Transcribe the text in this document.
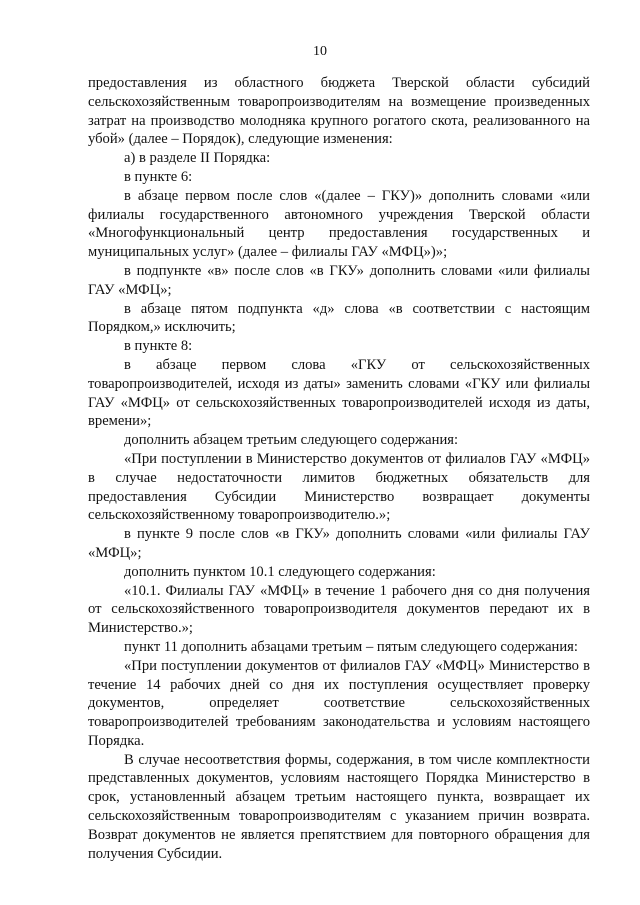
10

предоставления из областного бюджета Тверской области субсидий сельскохозяйственным товаропроизводителям на возмещение произведенных затрат на производство молодняка крупного рогатого скота, реализованного на убой» (далее – Порядок), следующие изменения:

а) в разделе II Порядка:

в пункте 6:

в абзаце первом после слов «(далее – ГКУ)» дополнить словами «или филиалы государственного автономного учреждения Тверской области «Многофункциональный центр предоставления государственных и муниципальных услуг» (далее – филиалы ГАУ «МФЦ»)»;

в подпункте «в» после слов «в ГКУ» дополнить словами «или филиалы ГАУ «МФЦ»;

в абзаце пятом подпункта «д» слова «в соответствии с настоящим Порядком,» исключить;

в пункте 8:

в абзаце первом слова «ГКУ от сельскохозяйственных товаропроизводителей, исходя из даты» заменить словами «ГКУ или филиалы ГАУ «МФЦ» от сельскохозяйственных товаропроизводителей исходя из даты, времени»;

дополнить абзацем третьим следующего содержания:

«При поступлении в Министерство документов от филиалов ГАУ «МФЦ» в случае недостаточности лимитов бюджетных обязательств для предоставления Субсидии Министерство возвращает документы сельскохозяйственному товаропроизводителю.»;

в пункте 9 после слов «в ГКУ» дополнить словами «или филиалы ГАУ «МФЦ»;

дополнить пунктом 10.1 следующего содержания:

«10.1. Филиалы ГАУ «МФЦ» в течение 1 рабочего дня со дня получения от сельскохозяйственного товаропроизводителя документов передают их в Министерство.»;

пункт 11 дополнить абзацами третьим – пятым следующего содержания:

«При поступлении документов от филиалов ГАУ «МФЦ» Министерство в течение 14 рабочих дней со дня их поступления осуществляет проверку документов, определяет соответствие сельскохозяйственных товаропроизводителей требованиям законодательства и условиям настоящего Порядка.

В случае несоответствия формы, содержания, в том числе комплектности представленных документов, условиям настоящего Порядка Министерство в срок, установленный абзацем третьим настоящего пункта, возвращает их сельскохозяйственным товаропроизводителям с указанием причин возврата. Возврат документов не является препятствием для повторного обращения для получения Субсидии.
